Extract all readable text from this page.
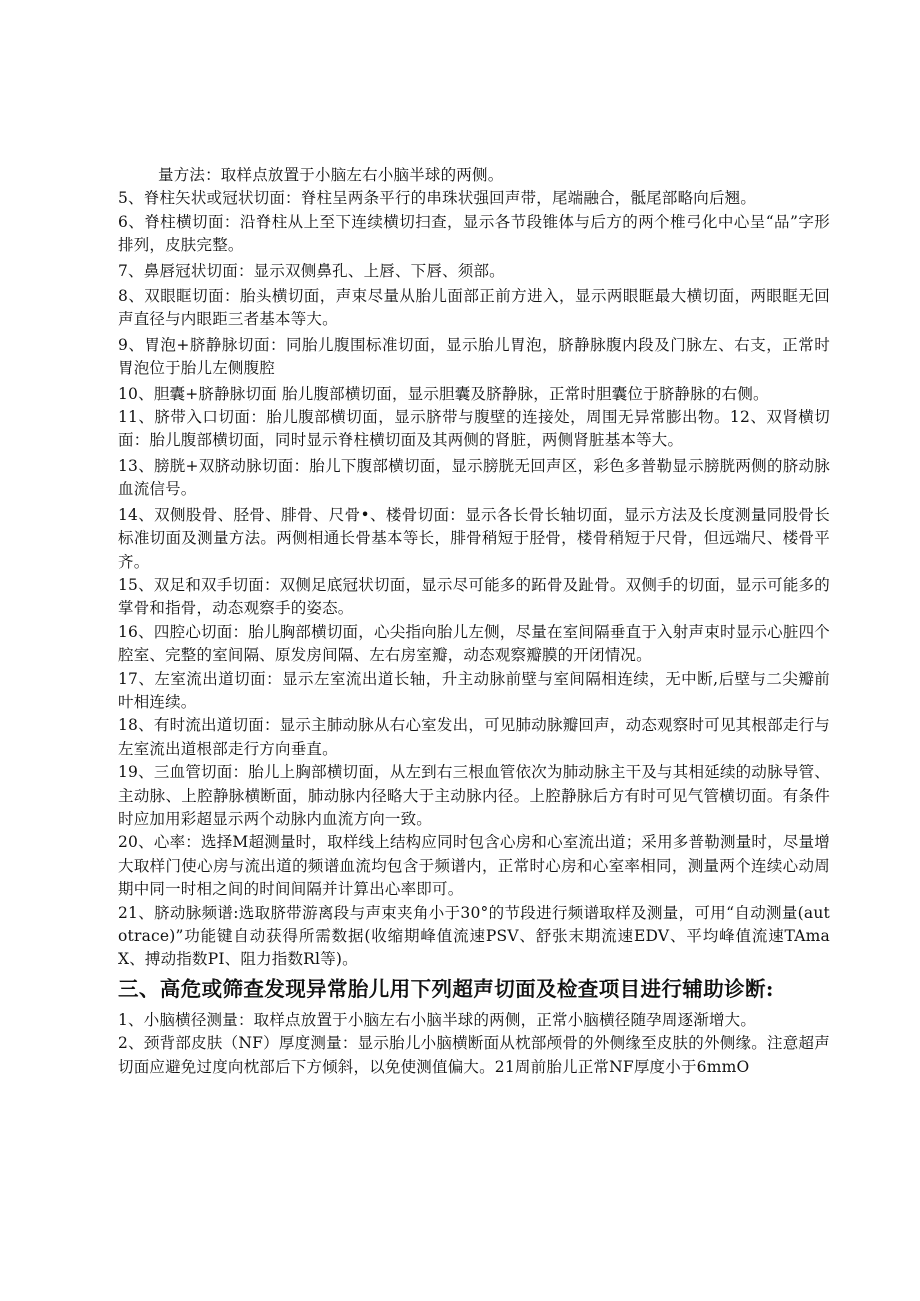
量方法：取样点放置于小脑左右小脑半球的两侧。

5、脊柱矢状或冠状切面：脊柱呈两条平行的串珠状强回声带，尾端融合，骶尾部略向后翘。

6、脊柱横切面：沿脊柱从上至下连续横切扫查，显示各节段锥体与后方的两个椎弓化中心呈“品”字形排列，皮肤完整。

7、鼻唇冠状切面：显示双侧鼻孔、上唇、下唇、须部。

8、双眼眶切面：胎头横切面，声束尽量从胎儿面部正前方进入，显示两眼眶最大横切面，两眼眶无回声直径与内眼距三者基本等大。

9、胃泡+脐静脉切面：同胎儿腹围标准切面，显示胎儿胃泡，脐静脉腹内段及门脉左、右支，正常时胃泡位于胎儿左侧腹腔

10、胆囊+脐静脉切面 胎儿腹部横切面，显示胆囊及脐静脉，正常时胆囊位于脐静脉的右侧。

11、脐带入口切面：胎儿腹部横切面，显示脐带与腹壁的连接处，周围无异常膨出物。12、双肾横切面：胎儿腹部横切面，同时显示脊柱横切面及其两侧的肾脏，两侧肾脏基本等大。

13、膀胱+双脐动脉切面：胎儿下腹部横切面，显示膀胱无回声区，彩色多普勒显示膀胱两侧的脐动脉血流信号。

14、双侧股骨、胫骨、腓骨、尺骨•、楼骨切面：显示各长骨长轴切面，显示方法及长度测量同股骨长标准切面及测量方法。两侧相通长骨基本等长，腓骨稍短于胫骨，楼骨稍短于尺骨，但远端尺、楼骨平齐。

15、双足和双手切面：双侧足底冠状切面，显示尽可能多的跖骨及趾骨。双侧手的切面，显示可能多的掌骨和指骨，动态观察手的姿态。

16、四腔心切面：胎儿胸部横切面，心尖指向胎儿左侧，尽量在室间隔垂直于入射声束时显示心脏四个腔室、完整的室间隔、原发房间隔、左右房室瓣，动态观察瓣膜的开闭情况。

17、左室流出道切面：显示左室流出道长轴，升主动脉前壁与室间隔相连续，无中断,后壁与二尖瓣前叶相连续。

18、有时流出道切面：显示主肺动脉从右心室发出，可见肺动脉瓣回声，动态观察时可见其根部走行与左室流出道根部走行方向垂直。

19、三血管切面：胎儿上胸部横切面，从左到右三根血管依次为肺动脉主干及与其相延续的动脉导管、主动脉、上腔静脉横断面，肺动脉内径略大于主动脉内径。上腔静脉后方有时可见气管横切面。有条件时应加用彩超显示两个动脉内血流方向一致。

20、心率：选择M超测量时，取样线上结构应同时包含心房和心室流出道；采用多普勒测量时，尽量增大取样门使心房与流出道的频谱血流均包含于频谱内，正常时心房和心室率相同，测量两个连续心动周期中同一时相之间的时间间隔并计算出心率即可。

21、脐动脉频谱:选取脐带游离段与声束夹角小于30°的节段进行频谱取样及测量，可用“自动测量(autotrace)”功能键自动获得所需数据(收缩期峰值流速PSV、舒张末期流速EDV、平均峰值流速TAmaX、搏动指数PI、阻力指数Rl等)。

三、高危或筛查发现异常胎儿用下列超声切面及检查项目进行辅助诊断:

1、小脑横径测量：取样点放置于小脑左右小脑半球的两侧，正常小脑横径随孕周逐渐增大。

2、颈背部皮肤（NF）厚度测量：显示胎儿小脑横断面从枕部颅骨的外侧缘至皮肤的外侧缘。注意超声切面应避免过度向枕部后下方倾斜，以免使测值偏大。21周前胎儿正常NF厚度小于6mmO
